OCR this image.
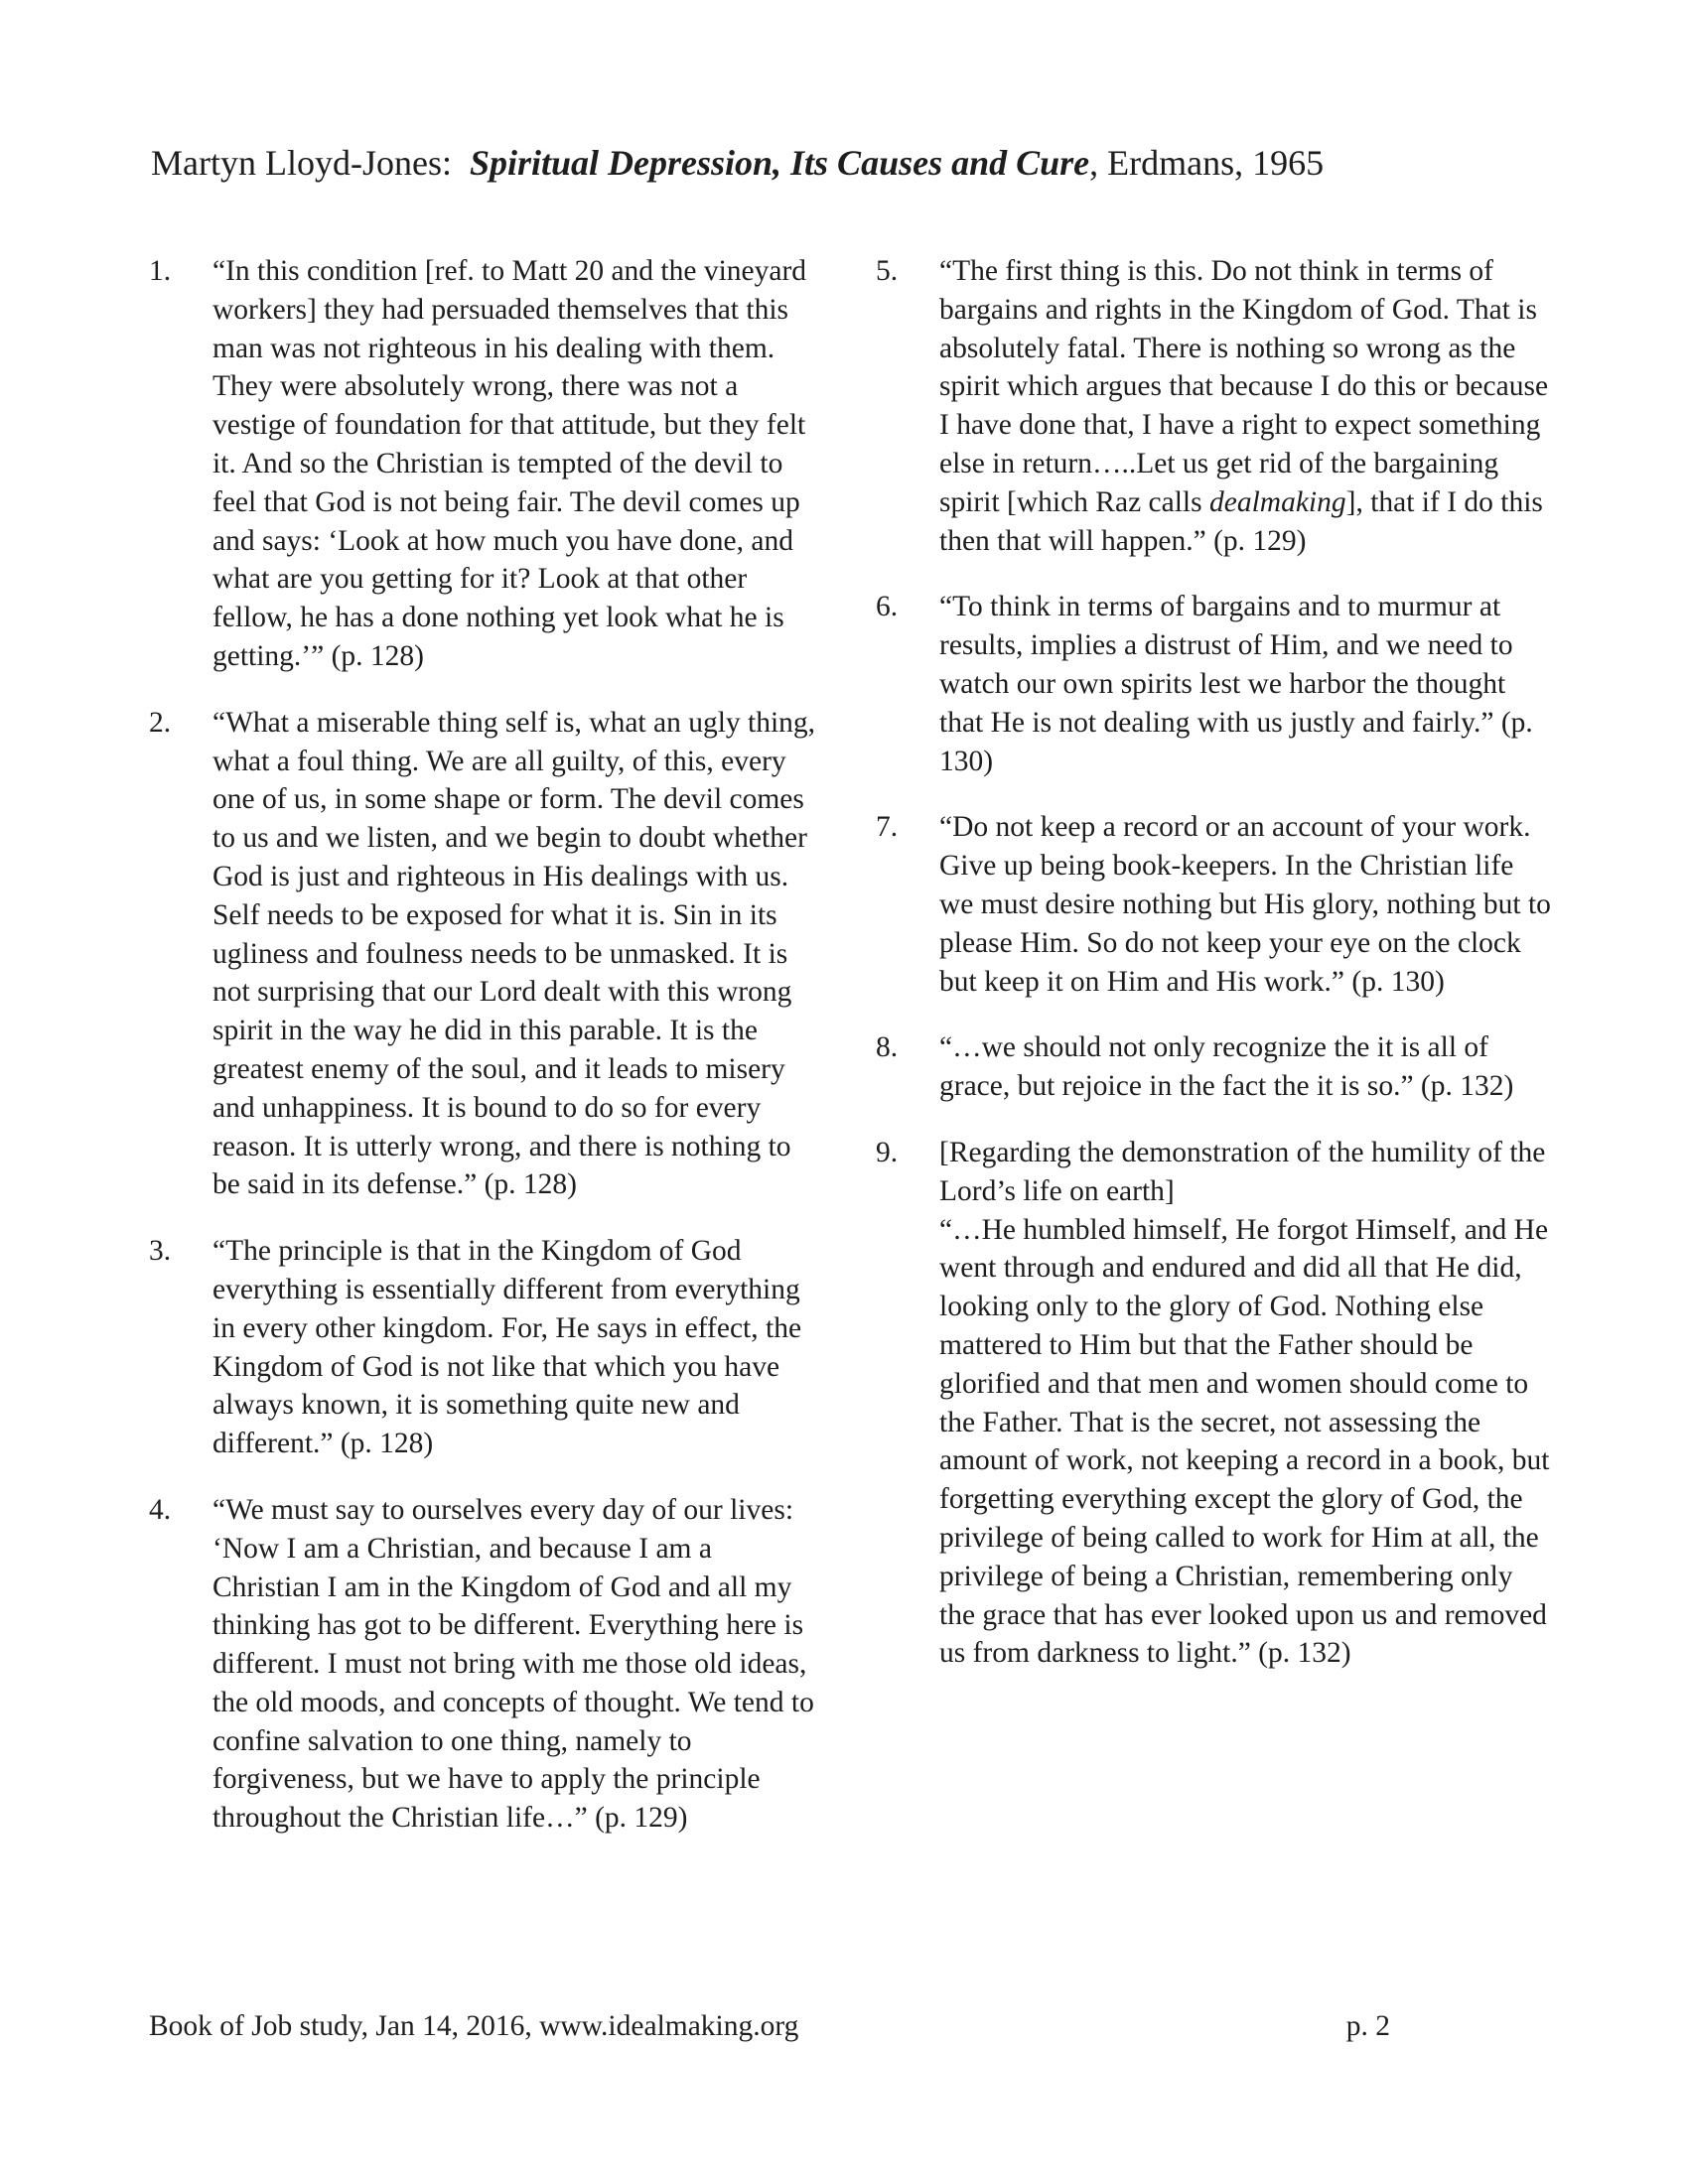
Martyn Lloyd-Jones: Spiritual Depression, Its Causes and Cure, Erdmans, 1965
1. “In this condition [ref. to Matt 20 and the vineyard workers] they had persuaded themselves that this man was not righteous in his dealing with them. They were absolutely wrong, there was not a vestige of foundation for that attitude, but they felt it. And so the Christian is tempted of the devil to feel that God is not being fair. The devil comes up and says: ‘Look at how much you have done, and what are you getting for it? Look at that other fellow, he has a done nothing yet look what he is getting.’” (p. 128)
2. “What a miserable thing self is, what an ugly thing, what a foul thing. We are all guilty, of this, every one of us, in some shape or form. The devil comes to us and we listen, and we begin to doubt whether God is just and righteous in His dealings with us. Self needs to be exposed for what it is. Sin in its ugliness and foulness needs to be unmasked. It is not surprising that our Lord dealt with this wrong spirit in the way he did in this parable. It is the greatest enemy of the soul, and it leads to misery and unhappiness. It is bound to do so for every reason. It is utterly wrong, and there is nothing to be said in its defense.” (p. 128)
3. “The principle is that in the Kingdom of God everything is essentially different from everything in every other kingdom. For, He says in effect, the Kingdom of God is not like that which you have always known, it is something quite new and different.” (p. 128)
4. “We must say to ourselves every day of our lives: ‘Now I am a Christian, and because I am a Christian I am in the Kingdom of God and all my thinking has got to be different. Everything here is different. I must not bring with me those old ideas, the old moods, and concepts of thought. We tend to confine salvation to one thing, namely to forgiveness, but we have to apply the principle throughout the Christian life…” (p. 129)
5. “The first thing is this. Do not think in terms of bargains and rights in the Kingdom of God. That is absolutely fatal. There is nothing so wrong as the spirit which argues that because I do this or because I have done that, I have a right to expect something else in return…..Let us get rid of the bargaining spirit [which Raz calls dealmaking], that if I do this then that will happen.” (p. 129)
6. “To think in terms of bargains and to murmur at results, implies a distrust of Him, and we need to watch our own spirits lest we harbor the thought that He is not dealing with us justly and fairly.” (p. 130)
7. “Do not keep a record or an account of your work. Give up being book-keepers. In the Christian life we must desire nothing but His glory, nothing but to please Him. So do not keep your eye on the clock but keep it on Him and His work.” (p. 130)
8. “…we should not only recognize the it is all of grace, but rejoice in the fact the it is so.” (p. 132)
9. [Regarding the demonstration of the humility of the Lord’s life on earth]
“…He humbled himself, He forgot Himself, and He went through and endured and did all that He did, looking only to the glory of God. Nothing else mattered to Him but that the Father should be glorified and that men and women should come to the Father. That is the secret, not assessing the amount of work, not keeping a record in a book, but forgetting everything except the glory of God, the privilege of being called to work for Him at all, the privilege of being a Christian, remembering only the grace that has ever looked upon us and removed us from darkness to light.” (p. 132)
Book of Job study, Jan 14, 2016, www.idealmaking.org	p. 2
